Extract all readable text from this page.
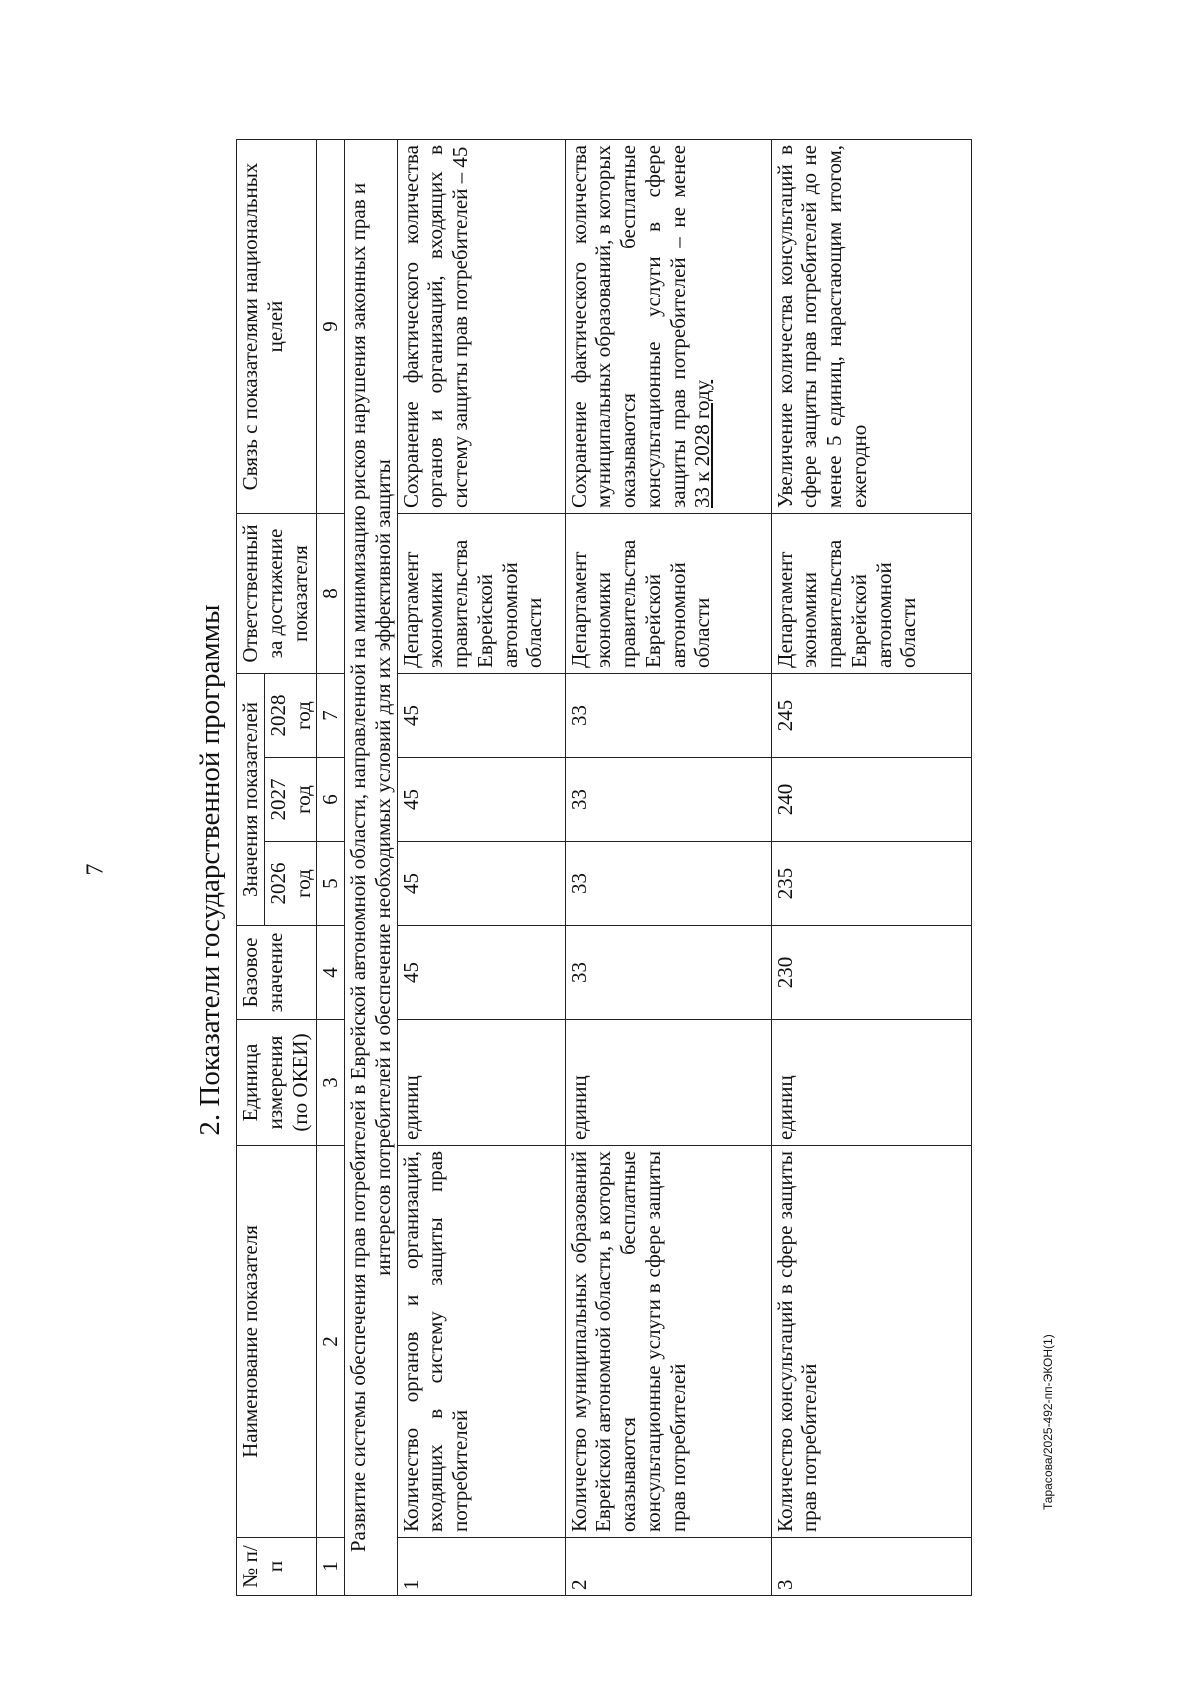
7
Тарасова/2025-492-пп-ЭКОН(1)
2. Показатели государственной программы
№ п/п	Наименование показателя	Единица измерения (по ОКЕИ)	Базовое значение	Значения показателей			Ответственный за достижение показателя	Связь с показателями национальных целей
				2026 год	2027 год	2028 год		
1	2	3	4	5	6	7	8	9
Развитие системы обеспечения прав потребителей в Еврейской автономной области, направленной на минимизацию рисков нарушения законных прав и интересов потребителей и обеспечение необходимых условий для их эффективной защиты								
1	Количество органов и организаций, входящих в систему защиты прав потребителей	единиц	45	45	45	45	Департамент экономики правительства Еврейской автономной области	Сохранение фактического количества органов и организаций, входящих в систему защиты прав потребителей – 45
2	Количество муниципальных образований Еврейской автономной области, в которых оказываются бесплатные консультационные услуги в сфере защиты прав потребителей	единиц	33	33	33	33	Департамент экономики правительства Еврейской автономной области	Сохранение фактического количества муниципальных образований, в которых оказываются бесплатные консультационные услуги в сфере защиты прав потребителей – не менее 33 к 2028 году
3	Количество консультаций в сфере защиты прав потребителей	единиц	230	235	240	245	Департамент экономики правительства Еврейской автономной области	Увеличение количества консультаций в сфере защиты прав потребителей до не менее 5 единиц, нарастающим итогом, ежегодно
